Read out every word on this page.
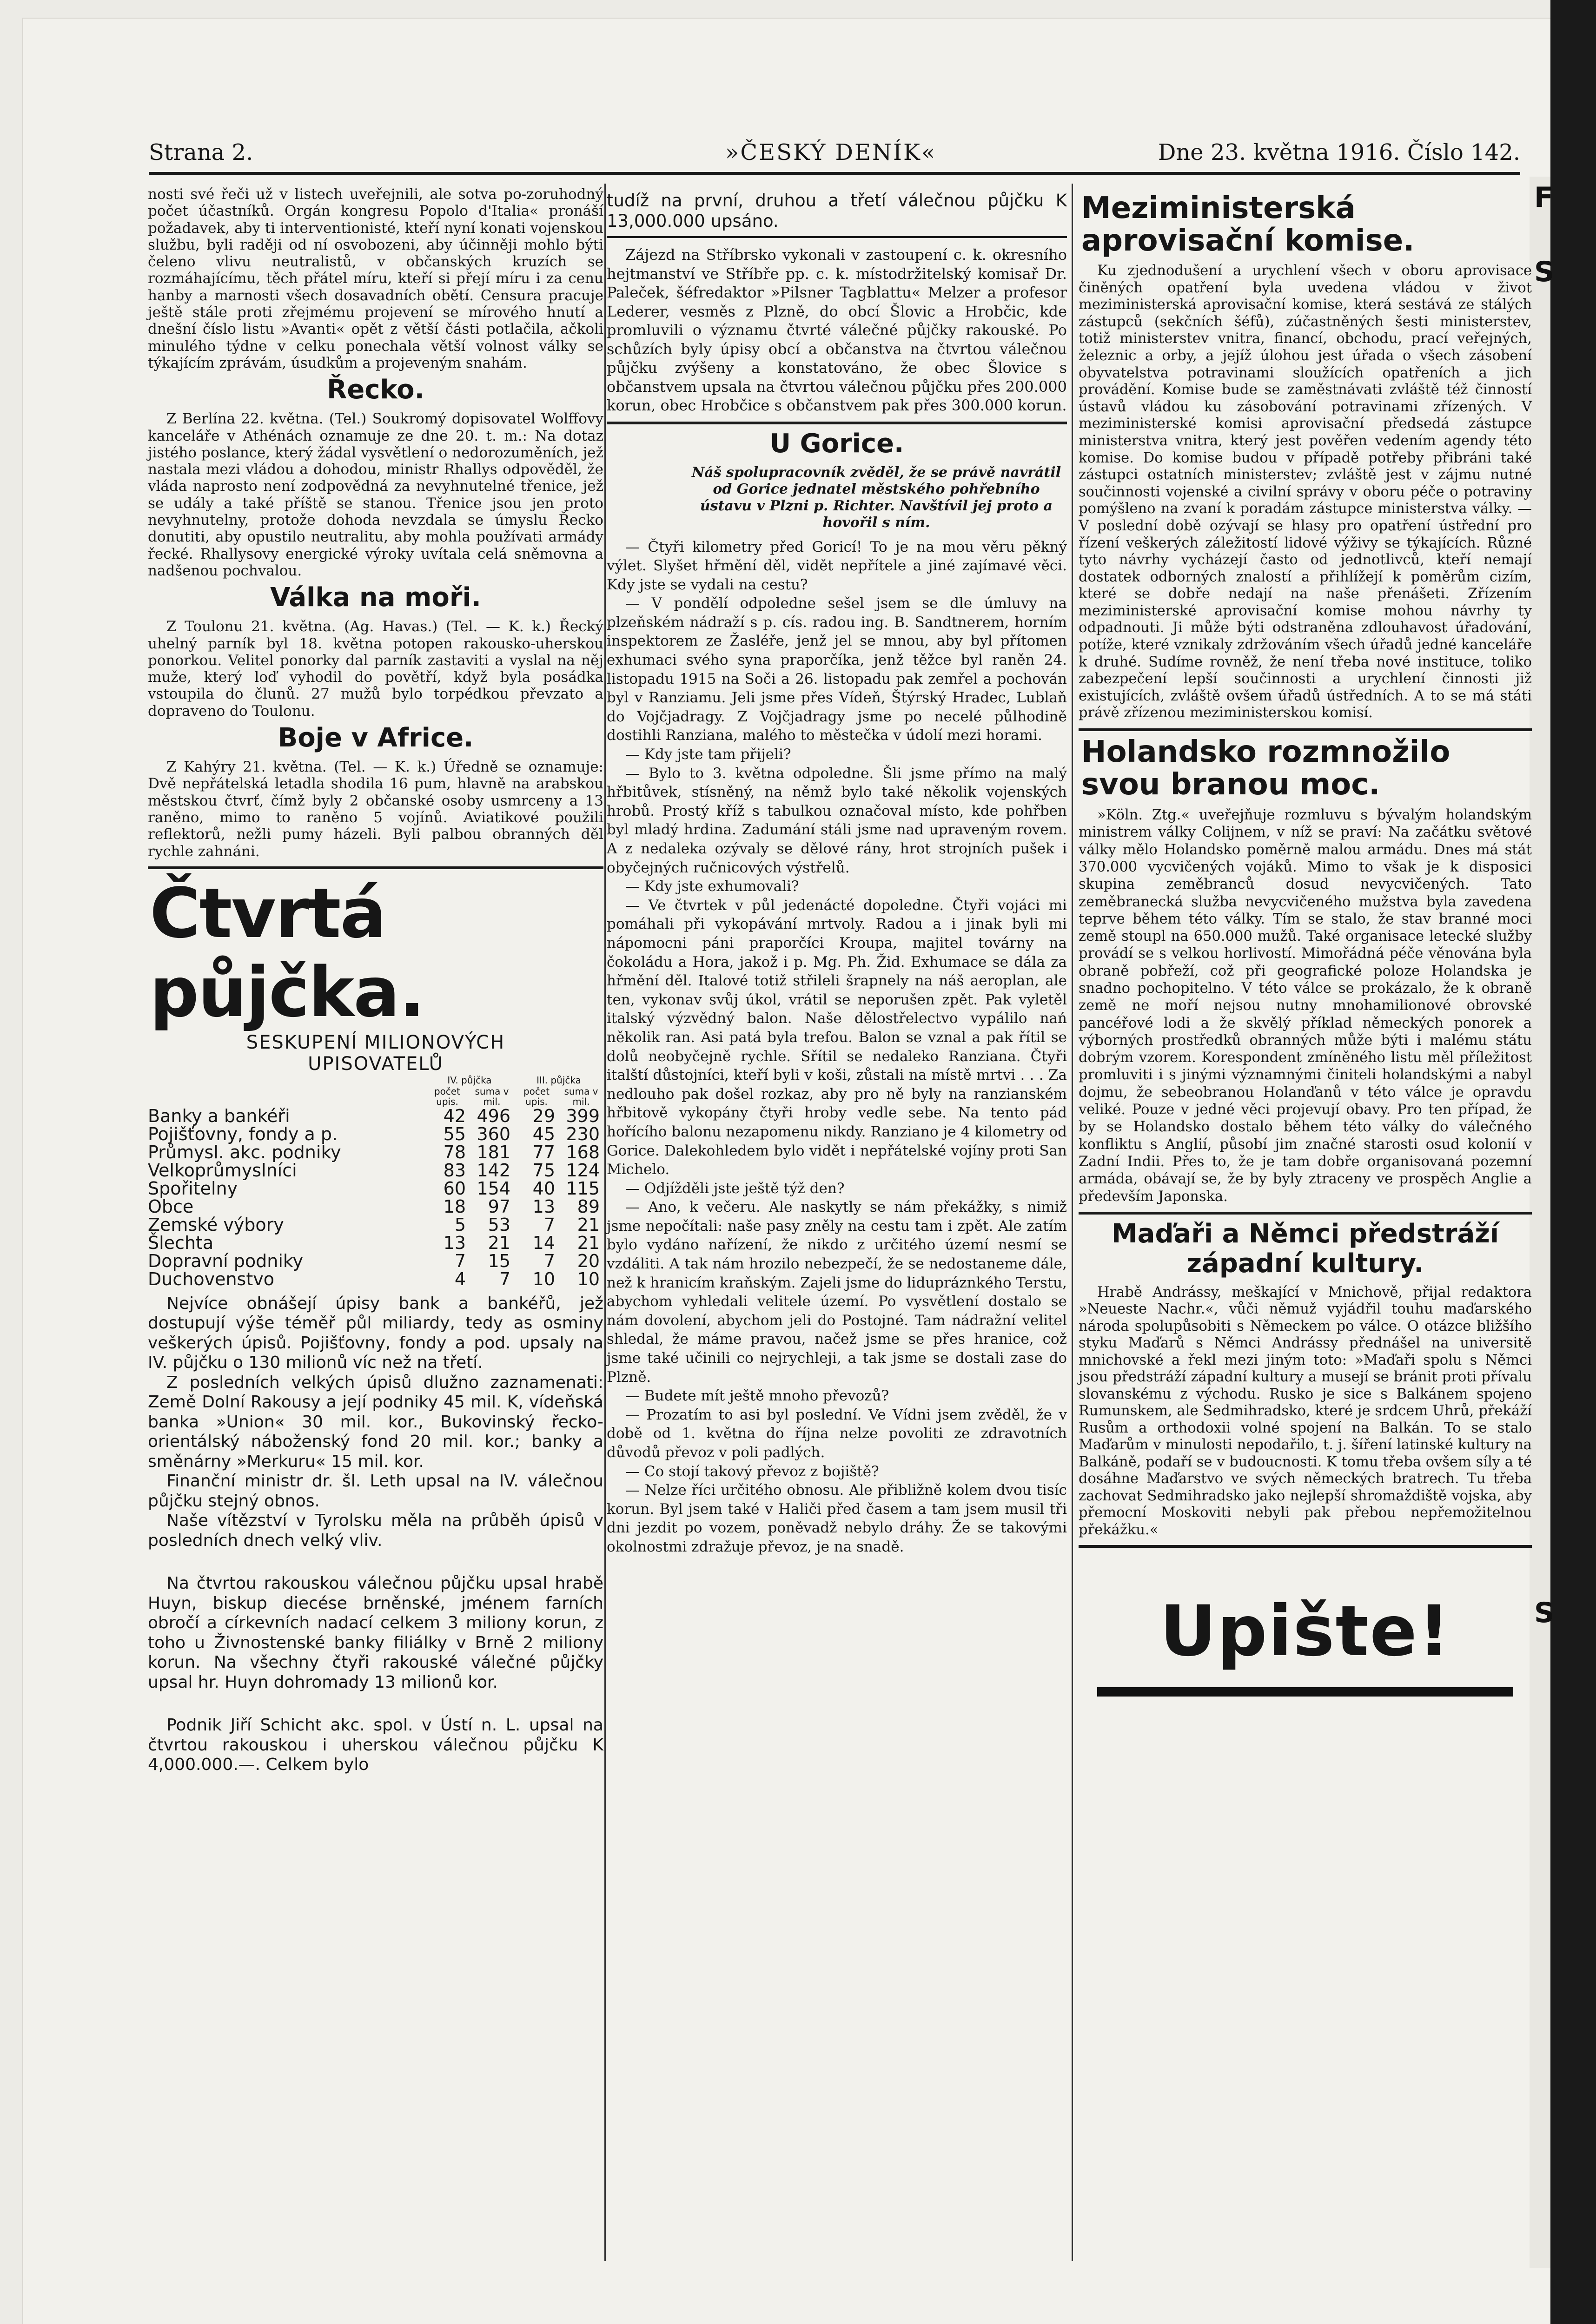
F
S
S
Strana 2.	»ČESKÝ DENÍK«	Dne 23. května 1916. Číslo 142.

nosti své řeči už v listech uveřejnili, ale sotva po-zoruhodný počet účastníků. Orgán kongresu Popolo d'Italia« pronáší požadavek, aby ti interventionisté, kteří nyní konati vojenskou službu, byli raději od ní osvobozeni, aby účinněji mohlo býti čeleno vlivu neutralistů, v občanských kruzích se rozmáhajícímu, těch přátel míru, kteří si přejí míru i za cenu hanby a marnosti všech dosavadních obětí. Censura pracuje ještě stále proti zřejmému projevení se mírového hnutí a dnešní číslo listu »Avanti« opět z větší části potlačila, ačkoli minulého týdne v celku ponechala větší volnost války se týkajícím zprávám, úsudkům a projeveným snahám.

Řecko.

Z Berlína 22. května. (Tel.) Soukromý dopisovatel Wolffovy kanceláře v Athénách oznamuje ze dne 20. t. m.: Na dotaz jistého poslance, který žádal vysvětlení o nedorozuměních, jež nastala mezi vládou a dohodou, ministr Rhallys odpověděl, že vláda naprosto není zodpovědná za nevyhnutelné třenice, jež se udály a také příště se stanou. Třenice jsou jen proto nevyhnutelny, protože dohoda nevzdala se úmyslu Řecko donutiti, aby opustilo neutralitu, aby mohla používati armády řecké. Rhallysovy energické výroky uvítala celá sněmovna a nadšenou pochvalou.

Válka na moři.

Z Toulonu 21. května. (Ag. Havas.) (Tel. — K. k.) Řecký uhelný parník byl 18. května potopen rakousko-uherskou ponorkou. Velitel ponorky dal parník zastaviti a vyslal na něj muže, který loď vyhodil do povětří, když byla posádka vstoupila do člunů. 27 mužů bylo torpédkou převzato a dopraveno do Toulonu.

Boje v Africe.

Z Kahýry 21. května. (Tel. — K. k.) Úředně se oznamuje: Dvě nepřátelská letadla shodila 16 pum, hlavně na arabskou městskou čtvrť, čímž byly 2 občanské osoby usmrceny a 13 raněno, mimo to raněno 5 vojínů. Aviatikové použili reflektorů, nežli pumy házeli. Byli palbou obranných děl rychle zahnáni.

Čtvrtá půjčka.

SESKUPENÍ MILIONOVÝCH

UPISOVATELŮ

	IV. půjčka		III. půjčka	
	počet upis.	suma v mil.	počet upis.	suma v mil.
Banky a bankéři	42	496	29	399
Pojišťovny, fondy a p.	55	360	45	230
Průmysl. akc. podniky	78	181	77	168
Velkoprůmyslníci	83	142	75	124
Spořitelny	60	154	40	115
Obce	18	97	13	89
Zemské výbory	5	53	7	21
Šlechta	13	21	14	21
Dopravní podniky	7	15	7	20
Duchovenstvo	4	7	10	10

Nejvíce obnášejí úpisy bank a bankéřů, jež dostupují výše téměř půl miliardy, tedy as osminy veškerých úpisů. Pojišťovny, fondy a pod. upsaly na IV. půjčku o 130 milionů víc než na třetí.

Z posledních velkých úpisů dlužno zaznamenati: Země Dolní Rakousy a její podniky 45 mil. K, vídeňská banka »Union« 30 mil. kor., Bukovinský řecko-orientálský náboženský fond 20 mil. kor.; banky a směnárny »Merkuru« 15 mil. kor.

Finanční ministr dr. šl. Leth upsal na IV. válečnou půjčku stejný obnos.

Naše vítězství v Tyrolsku měla na průběh úpisů v posledních dnech velký vliv.

Na čtvrtou rakouskou válečnou půjčku upsal hrabě Huyn, biskup diecése brněnské, jménem farních obročí a církevních nadací celkem 3 miliony korun, z toho u Živnostenské banky filiálky v Brně 2 miliony korun. Na všechny čtyři rakouské válečné půjčky upsal hr. Huyn dohromady 13 milionů kor.

Podnik Jiří Schicht akc. spol. v Ústí n. L. upsal na čtvrtou rakouskou i uherskou válečnou půjčku K 4,000.000.—. Celkem bylo

tudíž na první, druhou a třetí válečnou půjčku K 13,000.000 upsáno.

Zájezd na Stříbrsko vykonali v zastoupení c. k. okresního hejtmanství ve Stříbře pp. c. k. místodržitelský komisař Dr. Paleček, šéfredaktor »Pilsner Tagblattu« Melzer a profesor Lederer, vesměs z Plzně, do obcí Šlovic a Hrobčic, kde promluvili o významu čtvrté válečné půjčky rakouské. Po schůzích byly úpisy obcí a občanstva na čtvrtou válečnou půjčku zvýšeny a konstatováno, že obec Šlovice s občanstvem upsala na čtvrtou válečnou půjčku přes 200.000 korun, obec Hrobčice s občanstvem pak přes 300.000 korun.

U Gorice.

Náš spolupracovník zvěděl, že se právě navrátil od Gorice jednatel městského pohřebního ústavu v Plzni p. Richter. Navštívil jej proto a hovořil s ním.

— Čtyři kilometry před Goricí! To je na mou věru pěkný výlet. Slyšet hřmění děl, vidět nepřítele a jiné zajímavé věci. Kdy jste se vydali na cestu?

— V pondělí odpoledne sešel jsem se dle úmluvy na plzeňském nádraží s p. cís. radou ing. B. Sandtnerem, horním inspektorem ze Žasléře, jenž jel se mnou, aby byl přítomen exhumaci svého syna praporčíka, jenž těžce byl raněn 24. listopadu 1915 na Soči a 26. listopadu pak zemřel a pochován byl v Ranziamu. Jeli jsme přes Vídeň, Štýrský Hradec, Lublaň do Vojčjadragy. Z Vojčjadragy jsme po necelé půlhodině dostihli Ranziana, malého to městečka v údolí mezi horami.

— Kdy jste tam přijeli?

— Bylo to 3. května odpoledne. Šli jsme přímo na malý hřbitůvek, stísněný, na němž bylo také několik vojenských hrobů. Prostý kříž s tabulkou označoval místo, kde pohřben byl mladý hrdina. Zadumání stáli jsme nad upraveným rovem. A z nedaleka ozývaly se dělové rány, hrot strojních pušek i obyčejných ručnicových výstřelů.

— Kdy jste exhumovali?

— Ve čtvrtek v půl jedenácté dopoledne. Čtyři vojáci mi pomáhali při vykopávání mrtvoly. Radou a i jinak byli mi nápomocni páni praporčíci Kroupa, majitel továrny na čokoládu a Hora, jakož i p. Mg. Ph. Žid. Exhumace se dála za hřmění děl. Italové totiž střileli šrapnely na náš aeroplan, ale ten, vykonav svůj úkol, vrátil se neporušen zpět. Pak vyletěl italský výzvědný balon. Naše dělostřelectvo vypálilo nań několik ran. Asi patá byla trefou. Balon se vznal a pak řítil se dolů neobyčejně rychle. Sřítil se nedaleko Ranziana. Čtyři italští důstojníci, kteří byli v koši, zůstali na místě mrtvi . . . Za nedlouho pak došel rozkaz, aby pro ně byly na ranzianském hřbitově vykopány čtyři hroby vedle sebe. Na tento pád hořícího balonu nezapomenu nikdy. Ranziano je 4 kilometry od Gorice. Dalekohledem bylo vidět i nepřátelské vojíny proti San Michelo.

— Odjížděli jste ještě týž den?

— Ano, k večeru. Ale naskytly se nám překážky, s nimiž jsme nepočítali: naše pasy zněly na cestu tam i zpět. Ale zatím bylo vydáno nařízení, že nikdo z určitého území nesmí se vzdáliti. A tak nám hrozilo nebezpečí, že se nedostaneme dále, než k hranicím kraňským. Zajeli jsme do lidupráznkého Terstu, abychom vyhledali velitele území. Po vysvětlení dostalo se nám dovolení, abychom jeli do Postojné. Tam nádražní velitel shledal, že máme pravou, načež jsme se přes hranice, což jsme také učinili co nejrychleji, a tak jsme se dostali zase do Plzně.

— Budete mít ještě mnoho převozů?

— Prozatím to asi byl poslední. Ve Vídni jsem zvěděl, že v době od 1. května do října nelze povoliti ze zdravotních důvodů převoz v poli padlých.

— Co stojí takový převoz z bojiště?

— Nelze říci určitého obnosu. Ale přibližně kolem dvou tisíc korun. Byl jsem také v Haliči před časem a tam jsem musil tři dni jezdit po vozem, poněvadž nebylo dráhy. Že se takovými okolnostmi zdražuje převoz, je na snadě.

Meziministerská aprovisační komise.

Ku zjednodušení a urychlení všech v oboru aprovisace činěných opatření byla uvedena vládou v život meziministerská aprovisační komise, která sestává ze stálých zástupců (sekčních šéfů), zúčastněných šesti ministerstev, totiž ministerstev vnitra, financí, obchodu, prací veřejných, železnic a orby, a jejíž úlohou jest úřada o všech zásobení obyvatelstva potravinami sloužících opatřeních a jich provádění. Komise bude se zaměstnávati zvláště též činností ústavů vládou ku zásobování potravinami zřízených. V meziministerské komisi aprovisační předsedá zástupce ministerstva vnitra, který jest pověřen vedením agendy této komise. Do komise budou v případě potřeby přibráni také zástupci ostatních ministerstev; zvláště jest v zájmu nutné součinnosti vojenské a civilní správy v oboru péče o potraviny pomýšleno na zvaní k poradám zástupce ministerstva války. — V poslední době ozývají se hlasy pro opatření ústřední pro řízení veškerých záležitostí lidové výživy se týkajících. Různé tyto návrhy vycházejí často od jednotlivců, kteří nemají dostatek odborných znalostí a přihlížejí k poměrům cizím, které se dobře nedají na naše přenášeti. Zřízením meziministerské aprovisační komise mohou návrhy ty odpadnouti. Ji může býti odstraněna zdlouhavost úřadování, potíže, které vznikaly zdržováním všech úřadů jedné kanceláře k druhé. Sudíme rovněž, že není třeba nové instituce, toliko zabezpečení lepší součinnosti a urychlení činnosti již existujících, zvláště ovšem úřadů ústředních. A to se má státi právě zřízenou meziministerskou komisí.

Holandsko rozmnožilo svou branou moc.

»Köln. Ztg.« uveřejňuje rozmluvu s bývalým holandským ministrem války Colijnem, v níž se praví: Na začátku světové války mělo Holandsko poměrně malou armádu. Dnes má stát 370.000 vycvičených vojáků. Mimo to však je k disposici skupina zeměbranců dosud nevycvičených. Tato zeměbranecká služba nevycvičeného mužstva byla zavedena teprve během této války. Tím se stalo, že stav branné moci země stoupl na 650.000 mužů. Také organisace letecké služby provádí se s velkou horlivostí. Mimořádná péče věnována byla obraně pobřeží, což při geografické poloze Holandska je snadno pochopitelno. V této válce se prokázalo, že k obraně země ne moří nejsou nutny mnohamilionové obrovské pancéřové lodi a že skvělý příklad německých ponorek a výborných prostředků obranných může býti i malému státu dobrým vzorem. Korespondent zmíněného listu měl příležitost promluviti i s jinými významnými činiteli holandskými a nabyl dojmu, že sebeobranou Holanďanů v této válce je opravdu veliké. Pouze v jedné věci projevují obavy. Pro ten případ, že by se Holandsko dostalo během této války do válečného konfliktu s Anglií, působí jim značné starosti osud kolonií v Zadní Indii. Přes to, že je tam dobře organisovaná pozemní armáda, obávají se, že by byly ztraceny ve prospěch Anglie a především Japonska.

Maďaři a Němci předstráží západní kultury.

Hrabě Andrássy, meškající v Mnichově, přijal redaktora »Neueste Nachr.«, vůči němuž vyjádřil touhu maďarského národa spolupůsobiti s Německem po válce. O otázce bližšího styku Maďarů s Němci Andrássy přednášel na universitě mnichovské a řekl mezi jiným toto: »Maďaři spolu s Němci jsou předstráží západní kultury a musejí se bránit proti přívalu slovanskému z východu. Rusko je sice s Balkánem spojeno Rumunskem, ale Sedmihradsko, které je srdcem Uhrů, překáží Rusům a orthodoxii volné spojení na Balkán. To se stalo Maďarům v minulosti nepodařilo, t. j. šíření latinské kultury na Balkáně, podaří se v budoucnosti. K tomu třeba ovšem síly a té dosáhne Maďarstvo ve svých německých bratrech. Tu třeba zachovat Sedmihradsko jako nejlepší shromaždiště vojska, aby přemocní Moskoviti nebyli pak přebou nepřemožitelnou překážku.«

Upište!
